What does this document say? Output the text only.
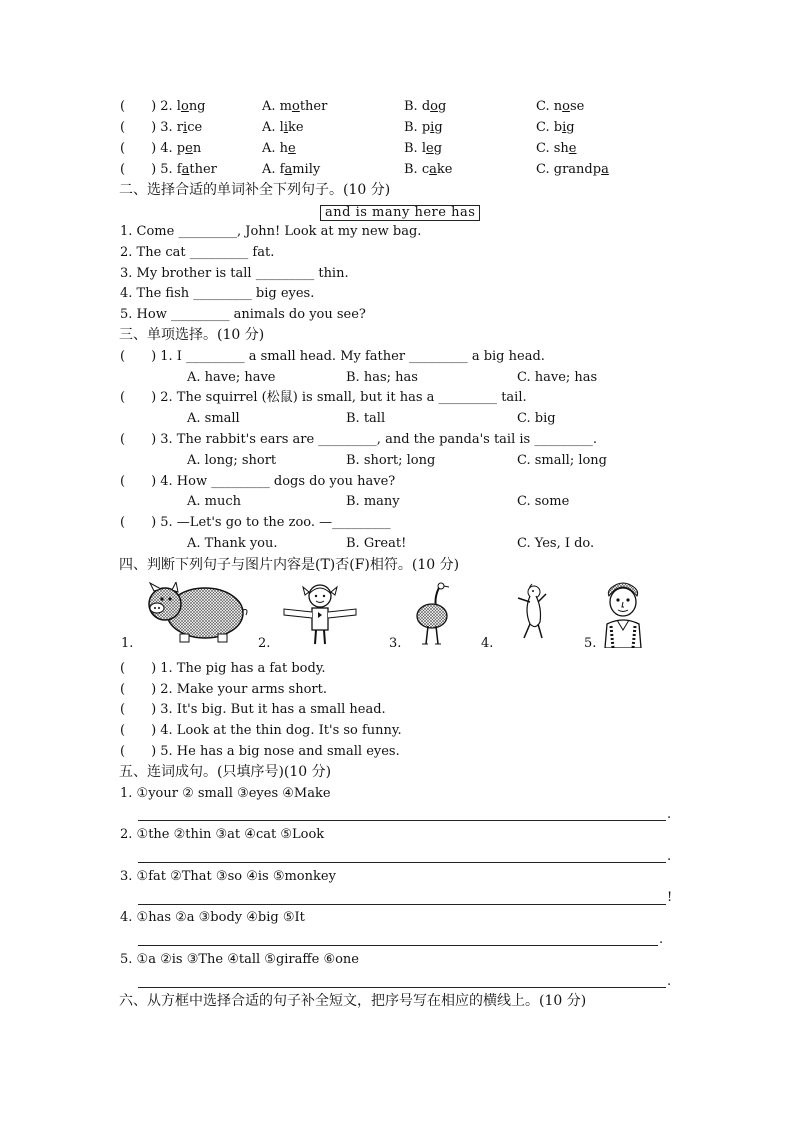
(　　) 2. long	A. mother	B. dog	C. nose
(　　) 3. rice	A. like	B. pig	C. big
(　　) 4. pen	A. he	B. leg	C. she
(　　) 5. father	A. family	B. cake	C. grandpa
二、选择合适的单词补全下列句子。(10 分)
and is many here has
1. Come _________, John! Look at my new bag.
2. The cat _________ fat.
3. My brother is tall _________ thin.
4. The fish _________ big eyes.
5. How _________ animals do you see?
三、单项选择。(10 分)
(　　) 1. I _________ a small head. My father _________ a big head.
A. have; have	B. has; has	C. have; has
(　　) 2. The squirrel (松鼠) is small, but it has a _________ tail.
A. small	B. tall	C. big
(　　) 3. The rabbit's ears are _________, and the panda's tail is _________.
A. long; short	B. short; long	C. small; long
(　　) 4. How _________ dogs do you have?
A. much	B. many	C. some
(　　) 5. —Let's go to the zoo. —_________
A. Thank you.	B. Great!	C. Yes, I do.
四、判断下列句子与图片内容是(T)否(F)相符。(10 分)
1.	2.	3.	4.	5.
(　　) 1. The pig has a fat body.
(　　) 2. Make your arms short.
(　　) 3. It's big. But it has a small head.
(　　) 4. Look at the thin dog. It's so funny.
(　　) 5. He has a big nose and small eyes.
五、连词成句。(只填序号)(10 分)
1. ①your ② small ③eyes ④Make
.
2. ①the ②thin ③at ④cat ⑤Look
.
3. ①fat ②That ③so ④is ⑤monkey
!
4. ①has ②a ③body ④big ⑤It
.
5. ①a ②is ③The ④tall ⑤giraffe ⑥one
.
六、从方框中选择合适的句子补全短文，把序号写在相应的横线上。(10 分)
